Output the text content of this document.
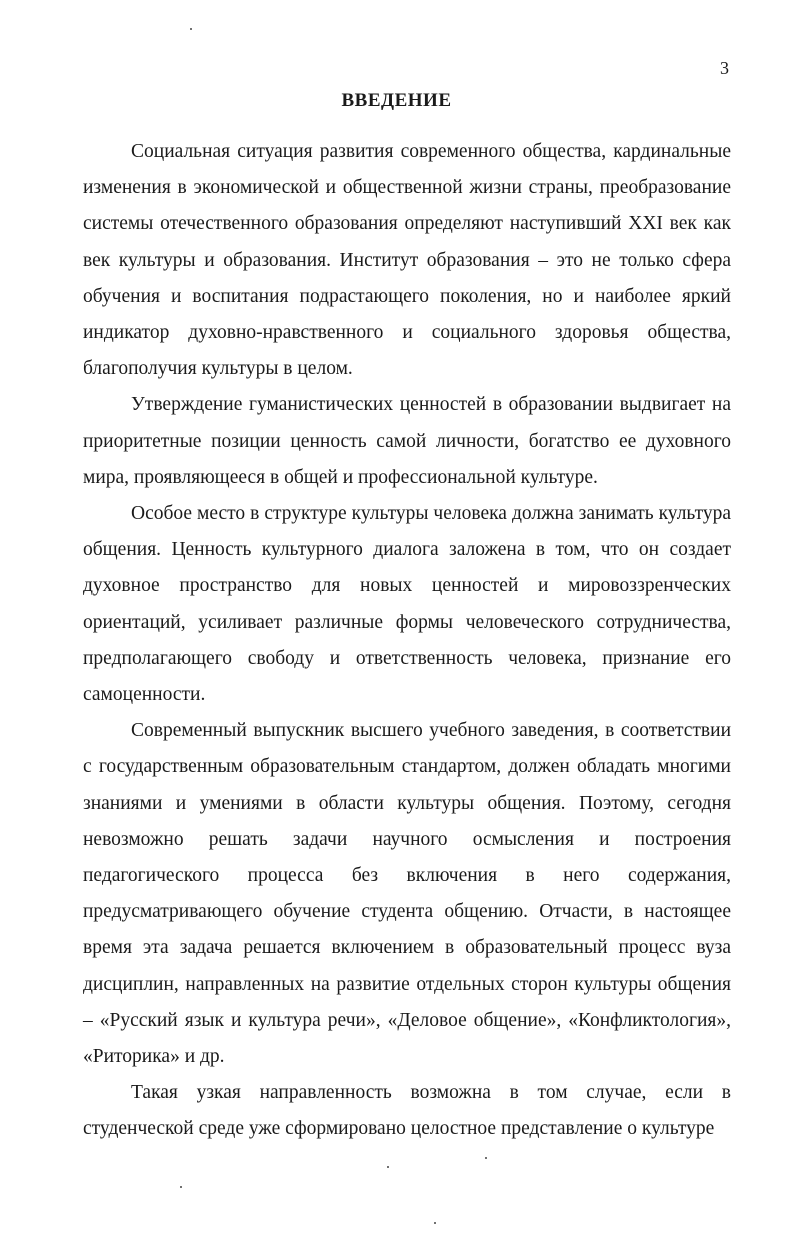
3
ВВЕДЕНИЕ

Социальная ситуация развития современного общества, кардинальные изменения в экономической и общественной жизни страны, преобразование системы отечественного образования определяют наступивший XXI век как век культуры и образования. Институт образования – это не только сфера обучения и воспитания подрастающего поколения, но и наиболее яркий индикатор духовно-нравственного и социального здоровья общества, благополучия культуры в целом.

Утверждение гуманистических ценностей в образовании выдвигает на приоритетные позиции ценность самой личности, богатство ее духовного мира, проявляющееся в общей и профессиональной культуре.

Особое место в структуре культуры человека должна занимать культура общения. Ценность культурного диалога заложена в том, что он создает духовное пространство для новых ценностей и мировоззренческих ориентаций, усиливает различные формы человеческого сотрудничества, предполагающего свободу и ответственность человека, признание его самоценности.

Современный выпускник высшего учебного заведения, в соответствии с государственным образовательным стандартом, должен обладать многими знаниями и умениями в области культуры общения. Поэтому, сегодня невозможно решать задачи научного осмысления и построения педагогического процесса без включения в него содержания, предусматривающего обучение студента общению. Отчасти, в настоящее время эта задача решается включением в образовательный процесс вуза дисциплин, направленных на развитие отдельных сторон культуры общения – «Русский язык и культура речи», «Деловое общение», «Конфликтология», «Риторика» и др.

Такая узкая направленность возможна в том случае, если в студенческой среде уже сформировано целостное представление о культуре
